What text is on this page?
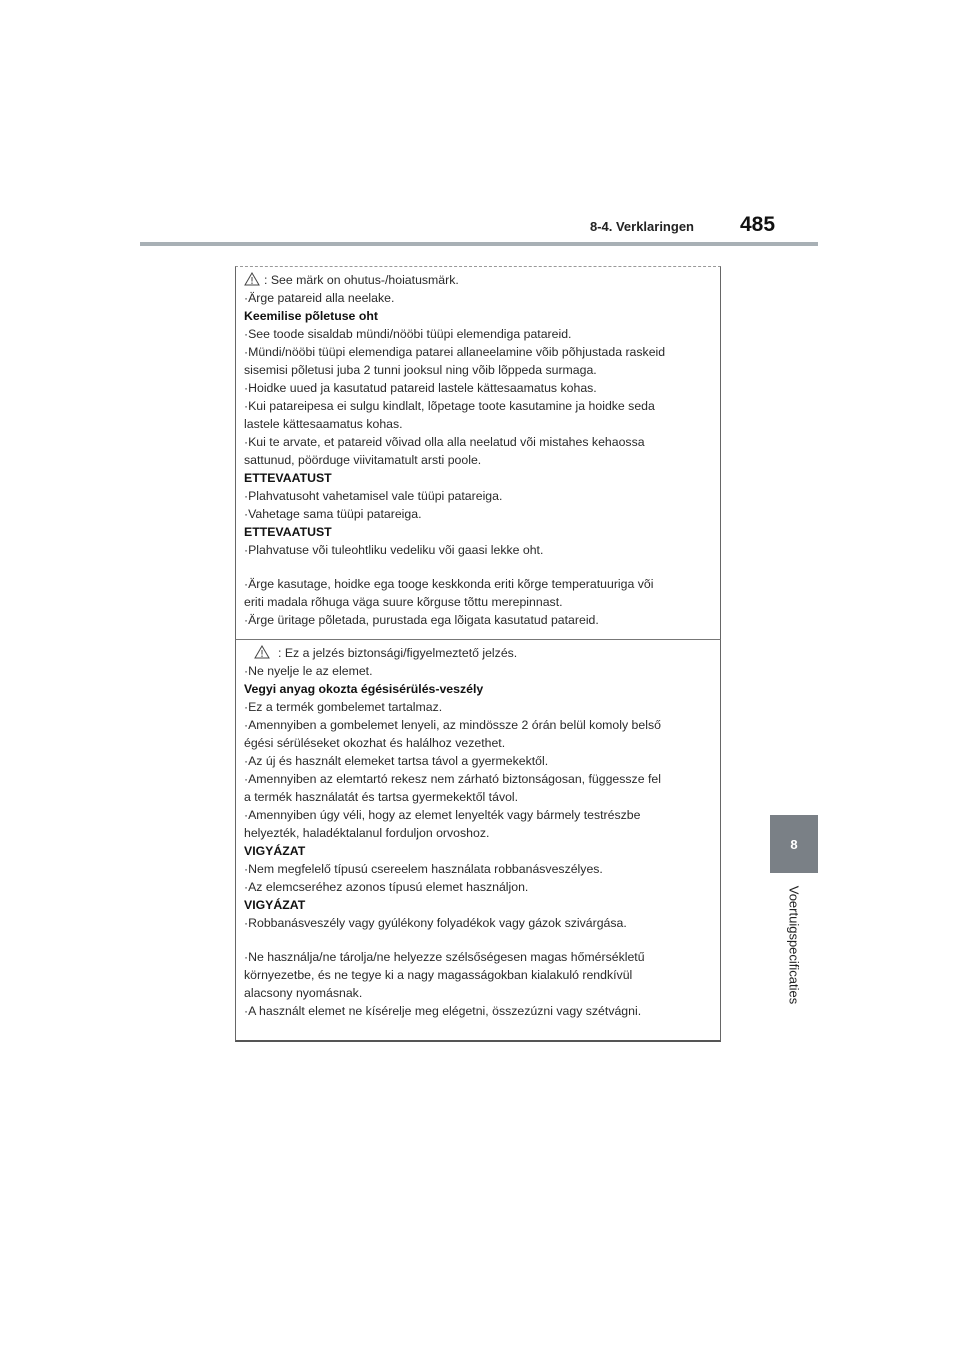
8-4. Verklaringen 485
8
Voertuigspecificaties
: See märk on ohutus-/hoiatusmärk.
·Ärge patareid alla neelake.
Keemilise põletuse oht
·See toode sisaldab mündi/nööbi tüüpi elemendiga patareid.
·Mündi/nööbi tüüpi elemendiga patarei allaneelamine võib põhjustada raskeid
sisemisi põletusi juba 2 tunni jooksul ning võib lõppeda surmaga.
·Hoidke uued ja kasutatud patareid lastele kättesaamatus kohas.
·Kui patareipesa ei sulgu kindlalt, lõpetage toote kasutamine ja hoidke seda
lastele kättesaamatus kohas.
·Kui te arvate, et patareid võivad olla alla neelatud või mistahes kehaossa
sattunud, pöörduge viivitamatult arsti poole.
ETTEVAATUST
·Plahvatusoht vahetamisel vale tüüpi patareiga.
·Vahetage sama tüüpi patareiga.
ETTEVAATUST
·Plahvatuse või tuleohtliku vedeliku või gaasi lekke oht.
·Ärge kasutage, hoidke ega tooge keskkonda eriti kõrge temperatuuriga või
eriti madala rõhuga väga suure kõrguse tõttu merepinnast.
·Ärge üritage põletada, purustada ega lõigata kasutatud patareid.
: Ez a jelzés biztonsági/figyelmeztető jelzés.
·Ne nyelje le az elemet.
Vegyi anyag okozta égésisérülés-veszély
·Ez a termék gombelemet tartalmaz.
·Amennyiben a gombelemet lenyeli, az mindössze 2 órán belül komoly belső
égési sérüléseket okozhat és halálhoz vezethet.
·Az új és használt elemeket tartsa távol a gyermekektől.
·Amennyiben az elemtartó rekesz nem zárható biztonságosan, függessze fel
a termék használatát és tartsa gyermekektől távol.
·Amennyiben úgy véli, hogy az elemet lenyelték vagy bármely testrészbe
helyezték, haladéktalanul forduljon orvoshoz.
VIGYÁZAT
·Nem megfelelő típusú csereelem használata robbanásveszélyes.
·Az elemcseréhez azonos típusú elemet használjon.
VIGYÁZAT
·Robbanásveszély vagy gyúlékony folyadékok vagy gázok szivárgása.
·Ne használja/ne tárolja/ne helyezze szélsőségesen magas hőmérsékletű
környezetbe, és ne tegye ki a nagy magasságokban kialakuló rendkívül
alacsony nyomásnak.
·A használt elemet ne kísérelje meg elégetni, összezúzni vagy szétvágni.
